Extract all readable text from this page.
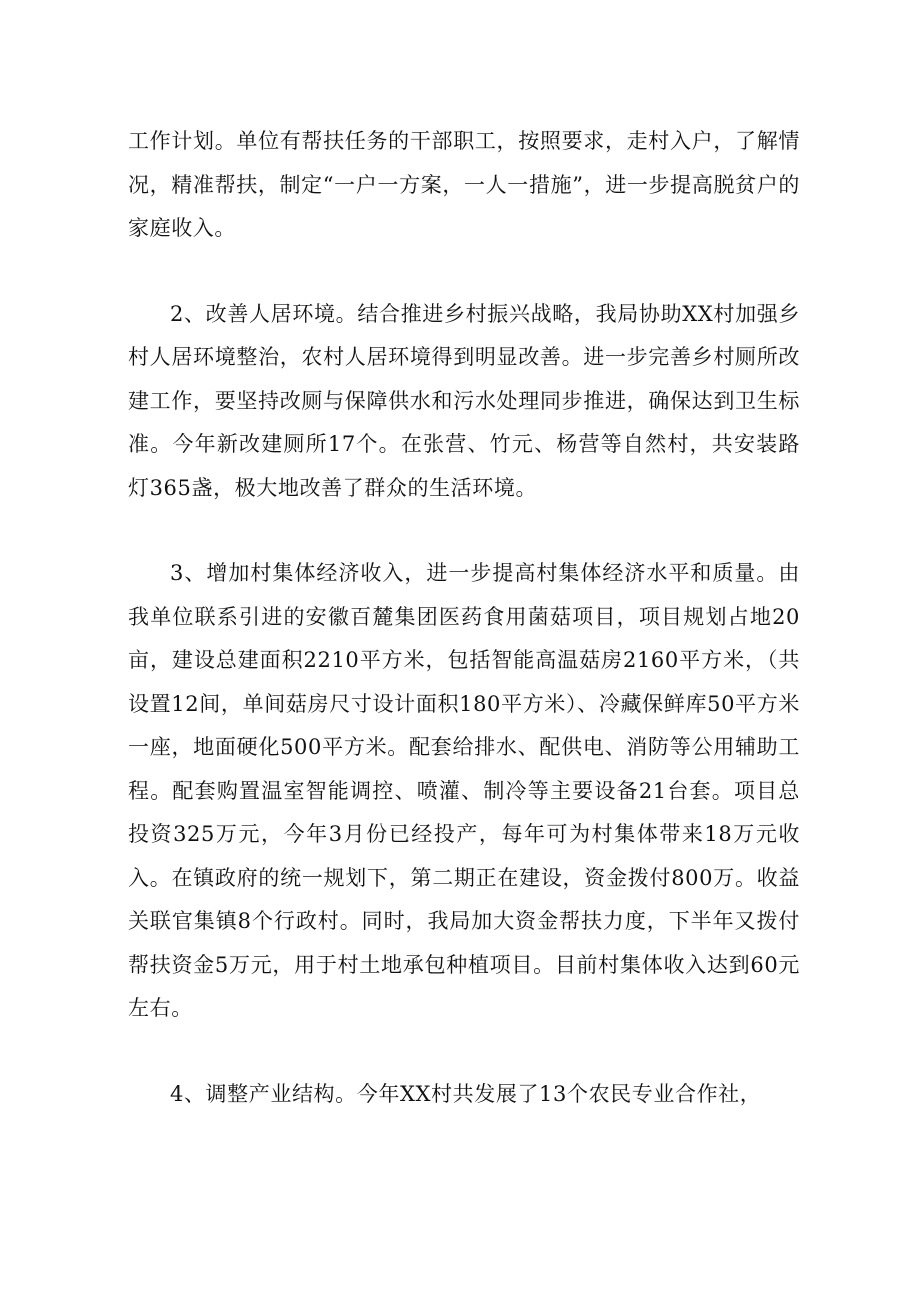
工作计划。单位有帮扶任务的干部职工，按照要求，走村入户，了解情况，精准帮扶，制定“一户一方案，一人一措施”，进一步提高脱贫户的家庭收入。

2、改善人居环境。结合推进乡村振兴战略，我局协助XX村加强乡村人居环境整治，农村人居环境得到明显改善。进一步完善乡村厕所改建工作，要坚持改厕与保障供水和污水处理同步推进，确保达到卫生标准。今年新改建厕所17个。在张营、竹元、杨营等自然村，共安装路灯365盏，极大地改善了群众的生活环境。

3、增加村集体经济收入，进一步提高村集体经济水平和质量。由我单位联系引进的安徽百麓集团医药食用菌菇项目，项目规划占地20亩，建设总建面积2210平方米，包括智能高温菇房2160平方米，（共设置12间，单间菇房尺寸设计面积180平方米）、冷藏保鲜库50平方米一座，地面硬化500平方米。配套给排水、配供电、消防等公用辅助工程。配套购置温室智能调控、喷灌、制冷等主要设备21台套。项目总投资325万元，今年3月份已经投产，每年可为村集体带来18万元收入。在镇政府的统一规划下，第二期正在建设，资金拨付800万。收益关联官集镇8个行政村。同时，我局加大资金帮扶力度，下半年又拨付帮扶资金5万元，用于村土地承包种植项目。目前村集体收入达到60元左右。

4、调整产业结构。今年XX村共发展了13个农民专业合作社，
